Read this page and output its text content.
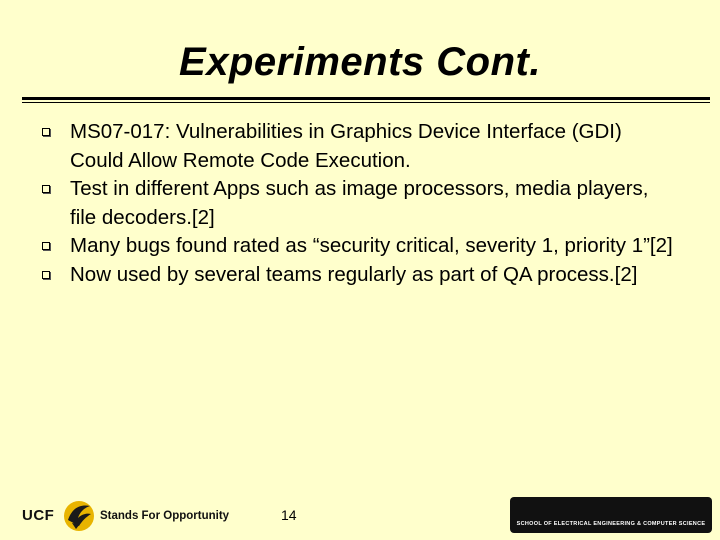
Experiments Cont.
MS07-017: Vulnerabilities in Graphics Device Interface (GDI) Could Allow Remote Code Execution.
Test in different Apps such as image processors, media players, file decoders.[2]
Many bugs found rated as “security critical, severity 1, priority 1”[2]
Now used by several teams regularly as part of QA process.[2]
UCF	Stands For Opportunity	14
SCHOOL OF ELECTRICAL ENGINEERING & COMPUTER SCIENCE
